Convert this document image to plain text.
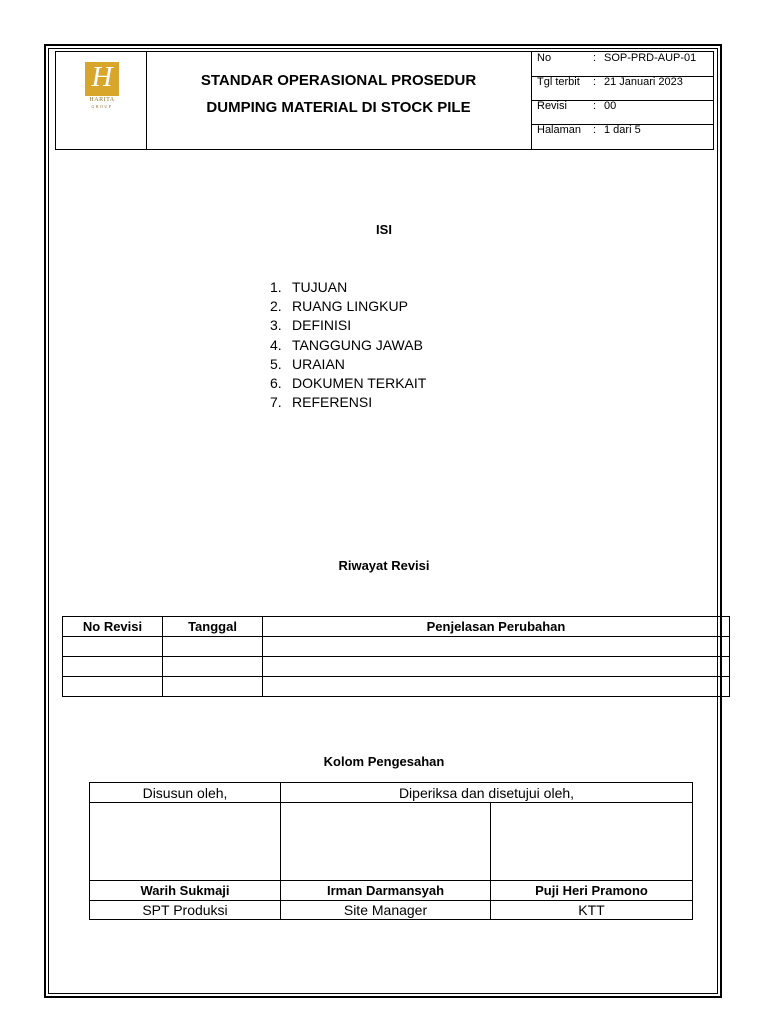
H
HARITA
GROUP
STANDAR OPERASIONAL PROSEDUR
DUMPING MATERIAL DI STOCK PILE
No	: SOP-PRD-AUP-01
Tgl terbit : 21 Januari 2023
Revisi : 00
Halaman : 1 dari 5
ISI
1. TUJUAN
2. RUANG LINGKUP
3. DEFINISI
4. TANGGUNG JAWAB
5. URAIAN
6. DOKUMEN TERKAIT
7. REFERENSI
Riwayat Revisi
No Revisi	Tanggal	Penjelasan Perubahan

Kolom Pengesahan
Disusun oleh,	Diperiksa dan disetujui oleh,	

Warih Sukmaji	Irman Darmansyah	Puji Heri Pramono
SPT Produksi	Site Manager	KTT
